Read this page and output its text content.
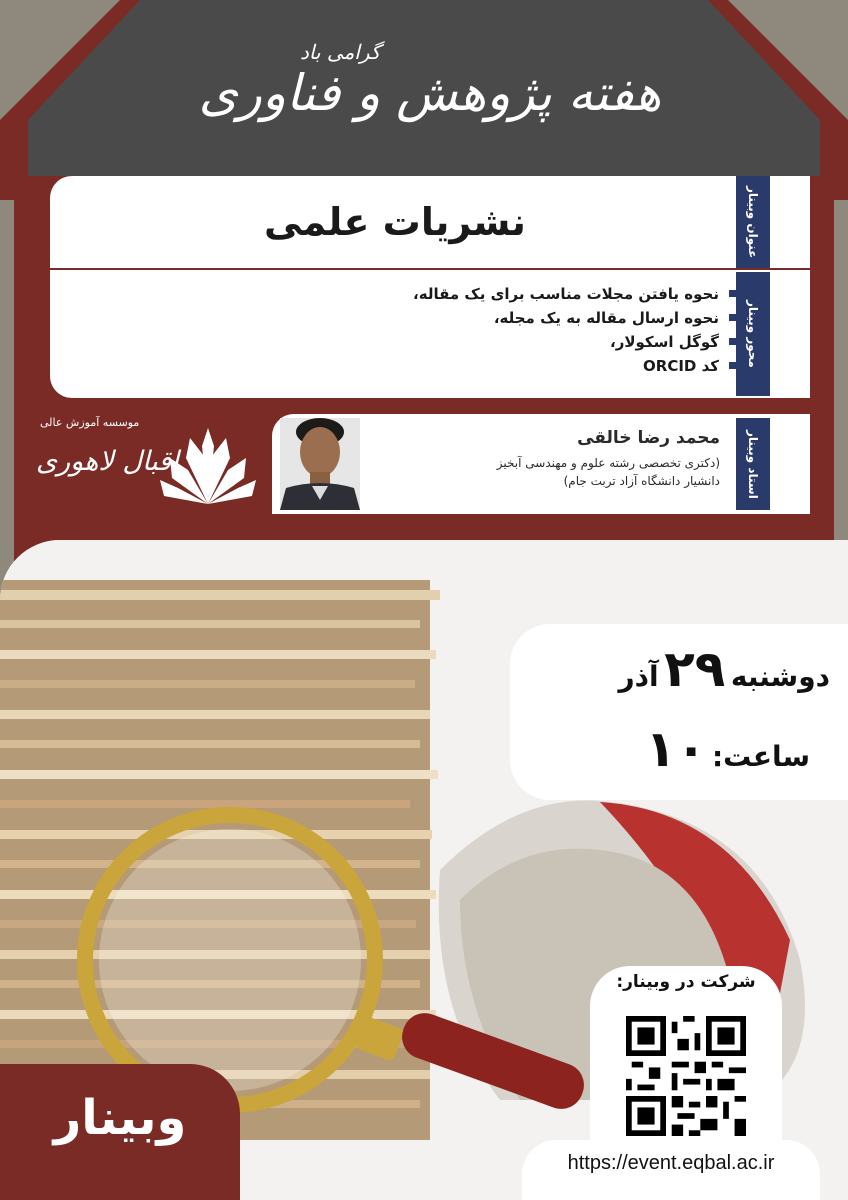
گرامی باد
هفته پژوهش و فناوری
عنوان وبینار
نشریات علمی
محور وبینار
نحوه یافتن مجلات مناسب برای یک مقاله،
نحوه ارسال مقاله به یک مجله،
گوگل اسکولار،
کد ORCID
استاد وبینار
محمد رضا خالقی
(دکتری تخصصی رشته علوم و مهندسی آبخیز
دانشیار دانشگاه آزاد تربت جام)
موسسه آموزش عالی
اقبال لاهوری
دوشنبه ۲۹ آذر
ساعت: ۱۰
شرکت در وبینار:
https://event.eqbal.ac.ir
وبینار
